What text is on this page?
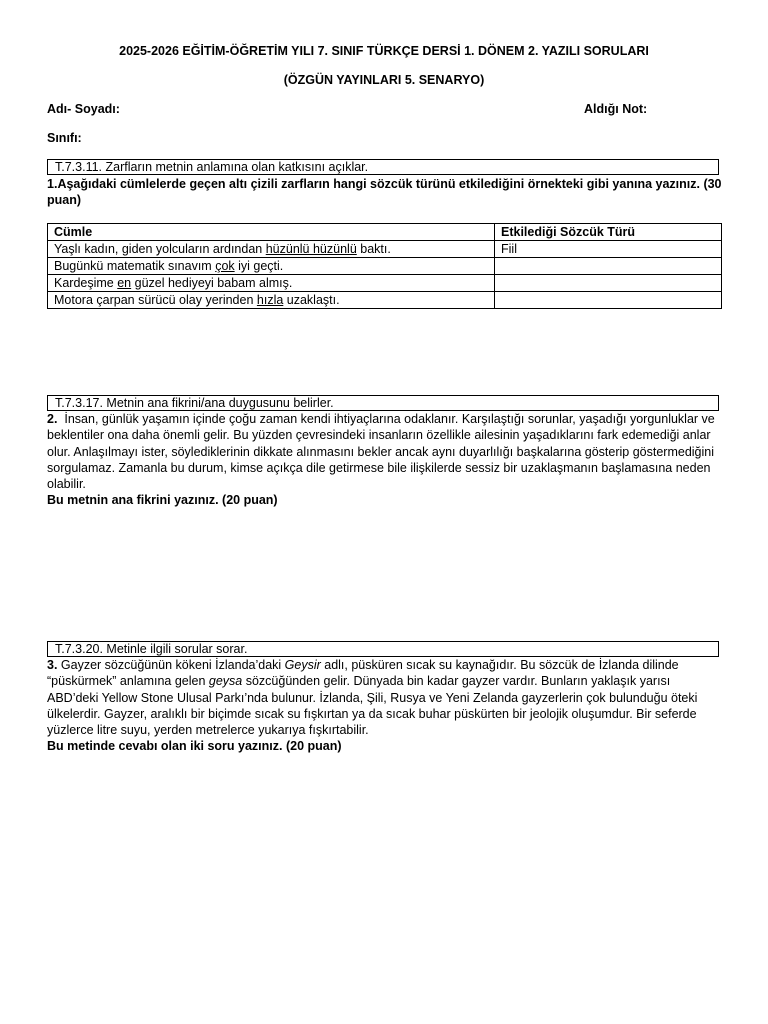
2025-2026 EĞİTİM-ÖĞRETİM YILI 7. SINIF TÜRKÇE DERSİ 1. DÖNEM 2. YAZILI SORULARI
(ÖZGÜN YAYINLARI 5. SENARYO)
Adı- Soyadı:	Aldığı Not:
Sınıfı:
T.7.3.11. Zarfların metnin anlamına olan katkısını açıklar.
1.Aşağıdaki cümlelerde geçen altı çizili zarfların hangi sözcük türünü etkilediğini örnekteki gibi yanına yazınız. (30 puan)
Cümle	Etkilediği Sözcük Türü
Yaşlı kadın, giden yolcuların ardından hüzünlü hüzünlü baktı.	Fiil
Bugünkü matematik sınavım çok iyi geçti.	
Kardeşime en güzel hediyeyi babam almış.	
Motora çarpan sürücü olay yerinden hızla uzaklaştı.	
T.7.3.17. Metnin ana fikrini/ana duygusunu belirler.
2.  İnsan, günlük yaşamın içinde çoğu zaman kendi ihtiyaçlarına odaklanır. Karşılaştığı sorunlar, yaşadığı yorgunluklar ve beklentiler ona daha önemli gelir. Bu yüzden çevresindeki insanların özellikle ailesinin yaşadıklarını fark edemediği anlar olur. Anlaşılmayı ister, söylediklerinin dikkate alınmasını bekler ancak aynı duyarlılığı başkalarına gösterip göstermediğini sorgulamaz. Zamanla bu durum, kimse açıkça dile getirmese bile ilişkilerde sessiz bir uzaklaşmanın başlamasına neden olabilir.
Bu metnin ana fikrini yazınız. (20 puan)
T.7.3.20. Metinle ilgili sorular sorar.
3. Gayzer sözcüğünün kökeni İzlanda’daki Geysir adlı, püsküren sıcak su kaynağıdır. Bu sözcük de İzlanda dilinde “püskürmek” anlamına gelen geysa sözcüğünden gelir. Dünyada bin kadar gayzer vardır. Bunların yaklaşık yarısı ABD’deki Yellow Stone Ulusal Parkı’nda bulunur. İzlanda, Şili, Rusya ve Yeni Zelanda gayzerlerin çok bulunduğu öteki ülkelerdir. Gayzer, aralıklı bir biçimde sıcak su fışkırtan ya da sıcak buhar püskürten bir jeolojik oluşumdur. Bir seferde yüzlerce litre suyu, yerden metrelerce yukarıya fışkırtabilir.
Bu metinde cevabı olan iki soru yazınız. (20 puan)
